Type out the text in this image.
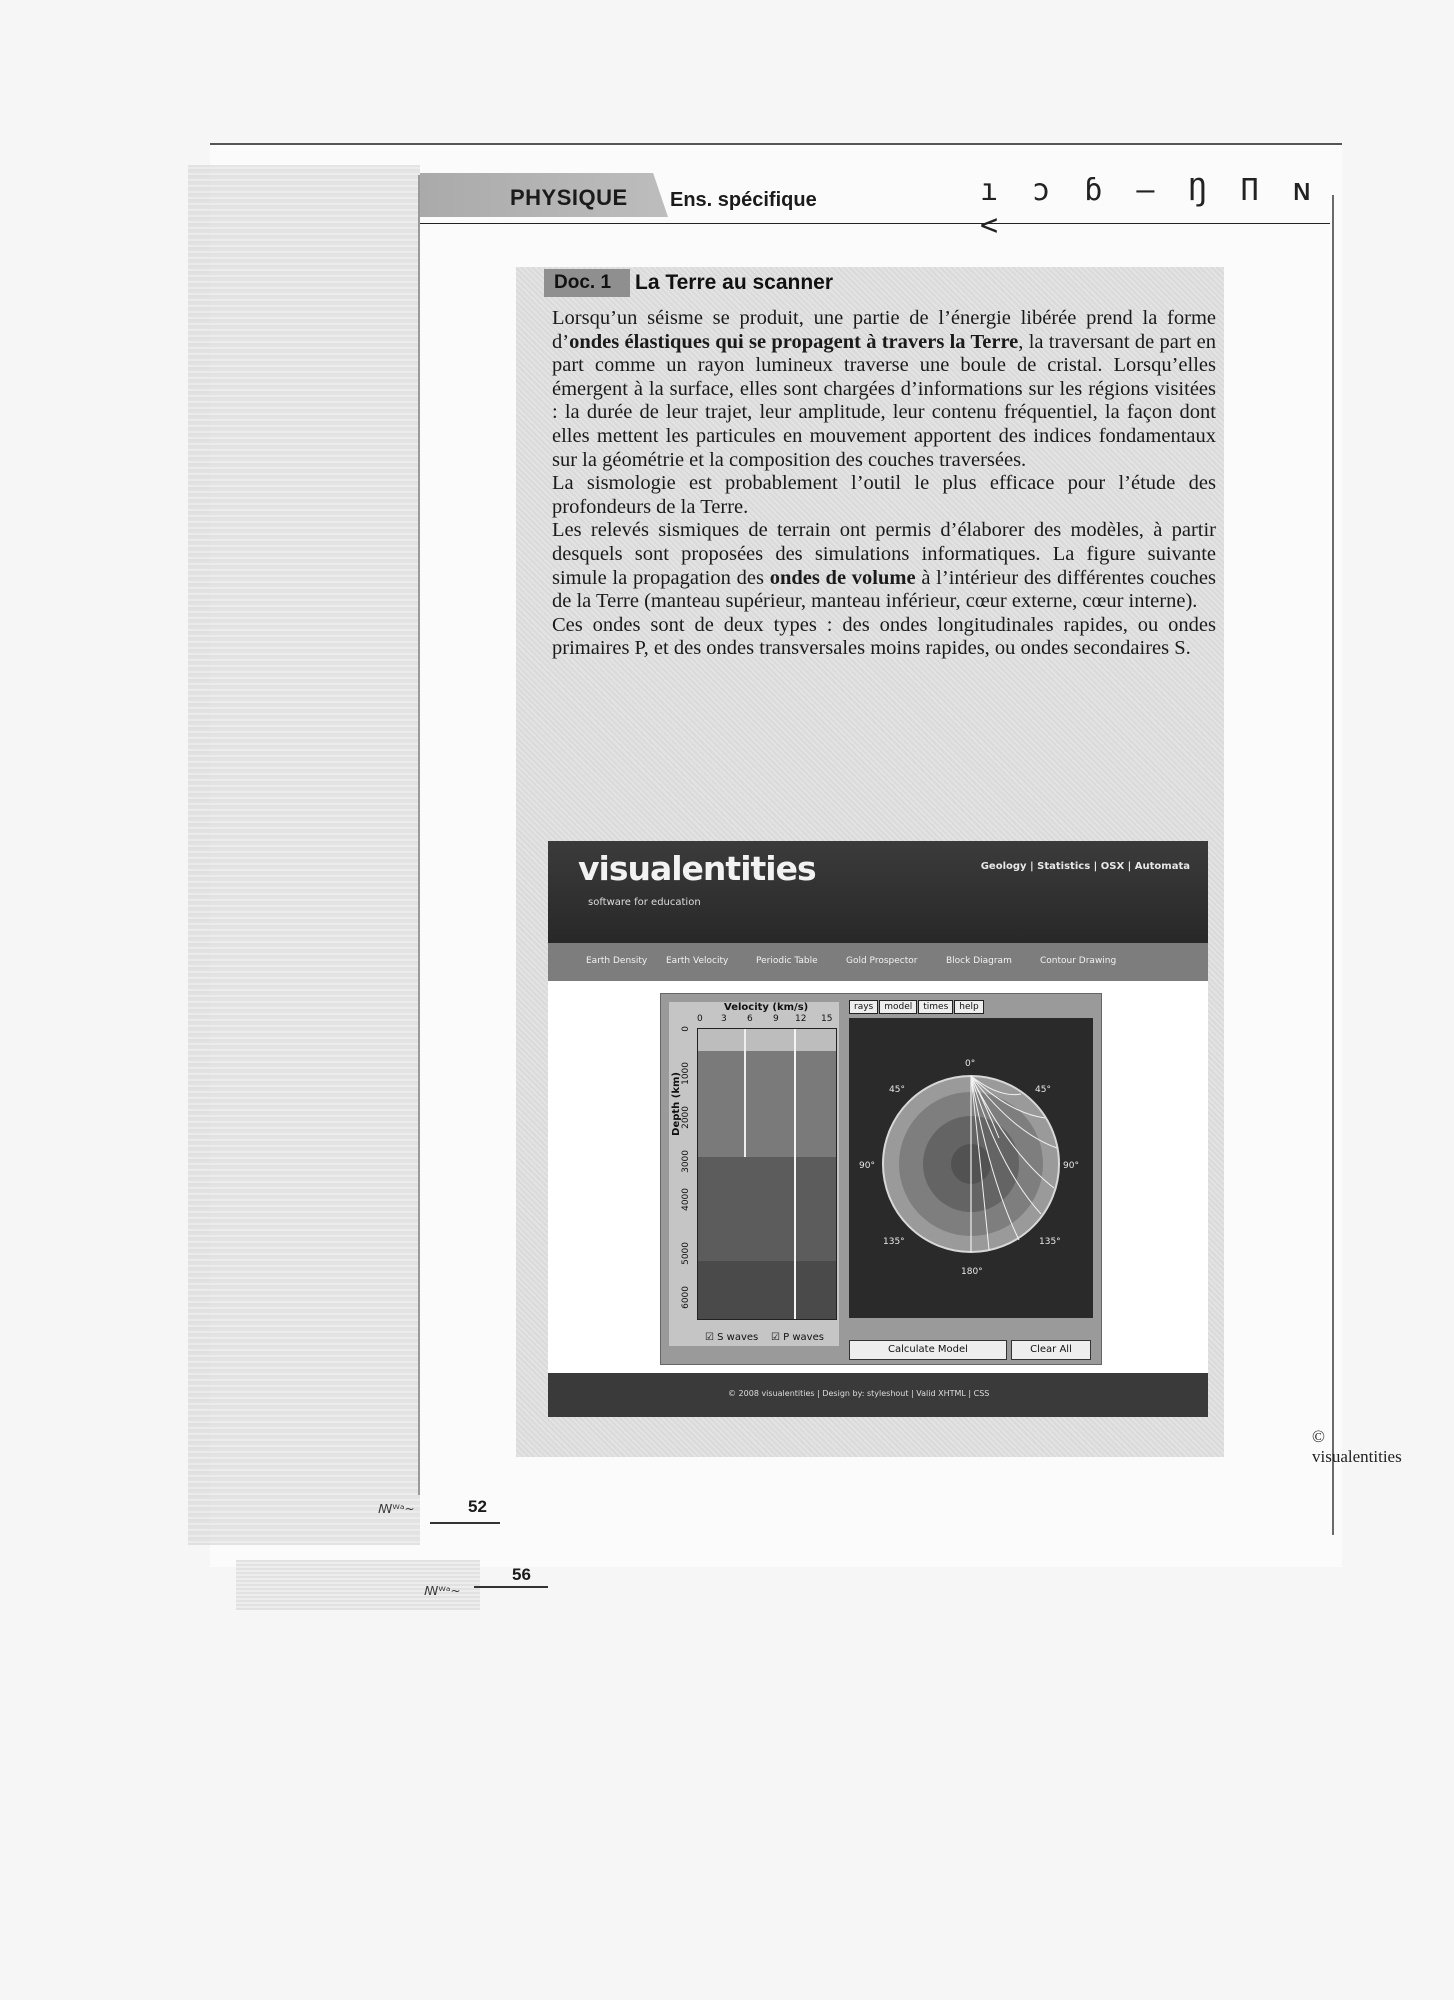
PHYSIQUE Ens. spécifique	ı ɔ ɓ — Ŋ Π ɴ <
Doc. 1	La Terre au scanner

Lorsqu’un séisme se produit, une partie de l’énergie libérée prend la forme d’ondes élastiques qui se propagent à travers la Terre, la traversant de part en part comme un rayon lumineux traverse une boule de cristal. Lorsqu’elles émergent à la surface, elles sont chargées d’informations sur les régions visitées : la durée de leur trajet, leur amplitude, leur contenu fréquentiel, la façon dont elles mettent les particules en mouvement apportent des indices fondamentaux sur la géométrie et la composition des couches traversées.

La sismologie est probablement l’outil le plus efficace pour l’étude des profondeurs de la Terre.

Les relevés sismiques de terrain ont permis d’élaborer des modèles, à partir desquels sont proposées des simulations informatiques. La figure suivante simule la propagation des ondes de volume à l’intérieur des différentes couches de la Terre (manteau supérieur, manteau inférieur, cœur externe, cœur interne).

Ces ondes sont de deux types : des ondes longitudinales rapides, ou ondes primaires P, et des ondes transversales moins rapides, ou ondes secondaires S.

visualentities
software for education
Geology | Statistics | OSX | Automata
Earth Density Earth Velocity	Periodic Table	Gold Prospector	Block Diagram	Contour Drawing
Velocity (km/s)
0 3 6 9 12 15
Depth (km)
0
1000
2000
3000
4000
5000
6000
☑ S waves ☑ P waves
rays model times help
0°
45°	45°
90°	90°
135°	135°
180°
Calculate Model	Clear All
© 2008 visualentities | Design by: styleshout | Valid XHTML | CSS
© visualentities
ꟿᵂᵃ~	52
ꟿᵂᵃ~
56
